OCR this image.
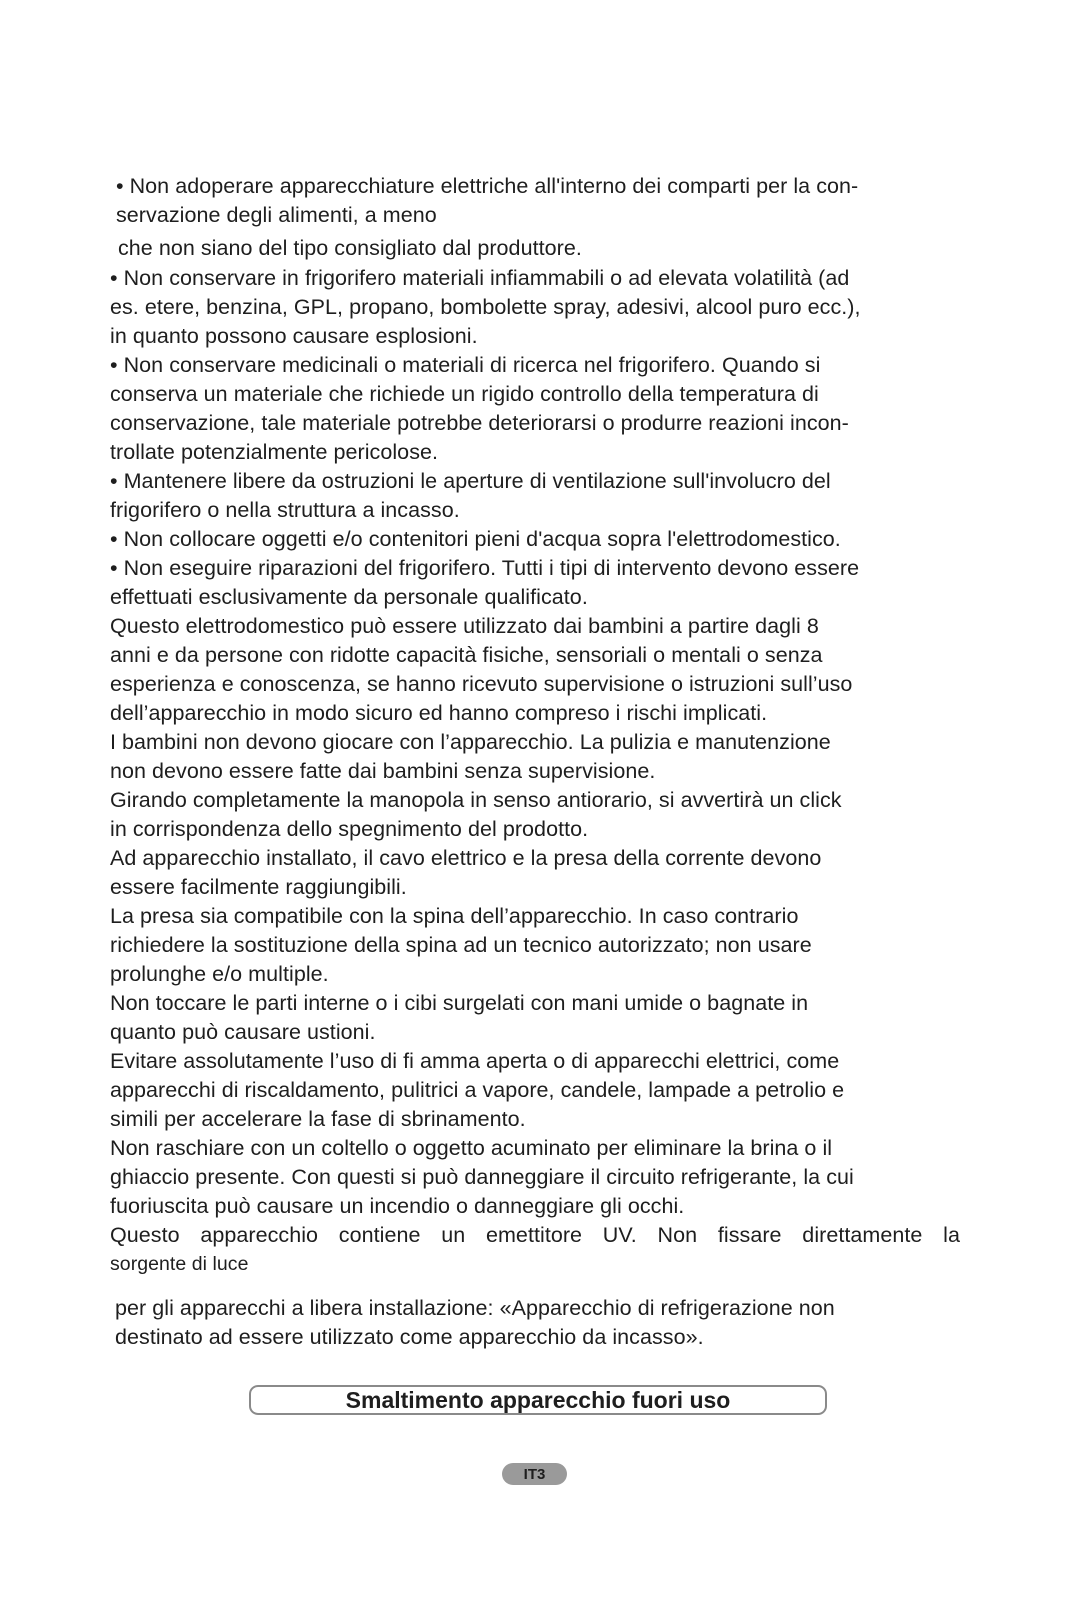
• Non adoperare apparecchiature elettriche all'interno dei comparti per la con-
servazione degli alimenti, a meno
che non siano del tipo consigliato dal produttore.
• Non conservare in frigorifero materiali infiammabili o ad elevata volatilità (ad
es. etere, benzina, GPL, propano, bombolette spray, adesivi, alcool puro ecc.),
in quanto possono causare esplosioni.
• Non conservare medicinali o materiali di ricerca nel frigorifero. Quando si
conserva un materiale che richiede un rigido controllo della temperatura di
conservazione, tale materiale potrebbe deteriorarsi o produrre reazioni incon-
trollate potenzialmente pericolose.
• Mantenere libere da ostruzioni le aperture di ventilazione sull'involucro del
frigorifero o nella struttura a incasso.
• Non collocare oggetti e/o contenitori pieni d'acqua sopra l'elettrodomestico.
• Non eseguire riparazioni del frigorifero. Tutti i tipi di intervento devono essere
effettuati esclusivamente da personale qualificato.
Questo elettrodomestico può essere utilizzato dai bambini a partire dagli 8
anni e da persone con ridotte capacità fisiche, sensoriali o mentali o senza
esperienza e conoscenza, se hanno ricevuto supervisione o istruzioni sull’uso
dell’apparecchio in modo sicuro ed hanno compreso i rischi implicati.
I bambini non devono giocare con l’apparecchio. La pulizia e manutenzione
non devono essere fatte dai bambini senza supervisione.
Girando completamente la manopola in senso antiorario, si avvertirà un click
in corrispondenza dello spegnimento del prodotto.
Ad apparecchio installato, il cavo elettrico e la presa della corrente devono
essere facilmente raggiungibili.
La presa sia compatibile con la spina dell’apparecchio. In caso contrario
richiedere la sostituzione della spina ad un tecnico autorizzato; non usare
prolunghe e/o multiple.
Non toccare le parti interne o i cibi surgelati con mani umide o bagnate in
quanto può causare ustioni.
Evitare assolutamente l’uso di fi amma aperta o di apparecchi elettrici, come
apparecchi di riscaldamento, pulitrici a vapore, candele, lampade a petrolio e
simili per accelerare la fase di sbrinamento.
Non raschiare con un coltello o oggetto acuminato per eliminare la brina o il
ghiaccio presente. Con questi si può danneggiare il circuito refrigerante, la cui
fuoriuscita può causare un incendio o danneggiare gli occhi.
Questo apparecchio contiene un emettitore UV. Non fissare direttamente la
sorgente di luce
per gli apparecchi a libera installazione: «Apparecchio di refrigerazione non
destinato ad essere utilizzato come apparecchio da incasso».
Smaltimento apparecchio fuori uso
IT3
